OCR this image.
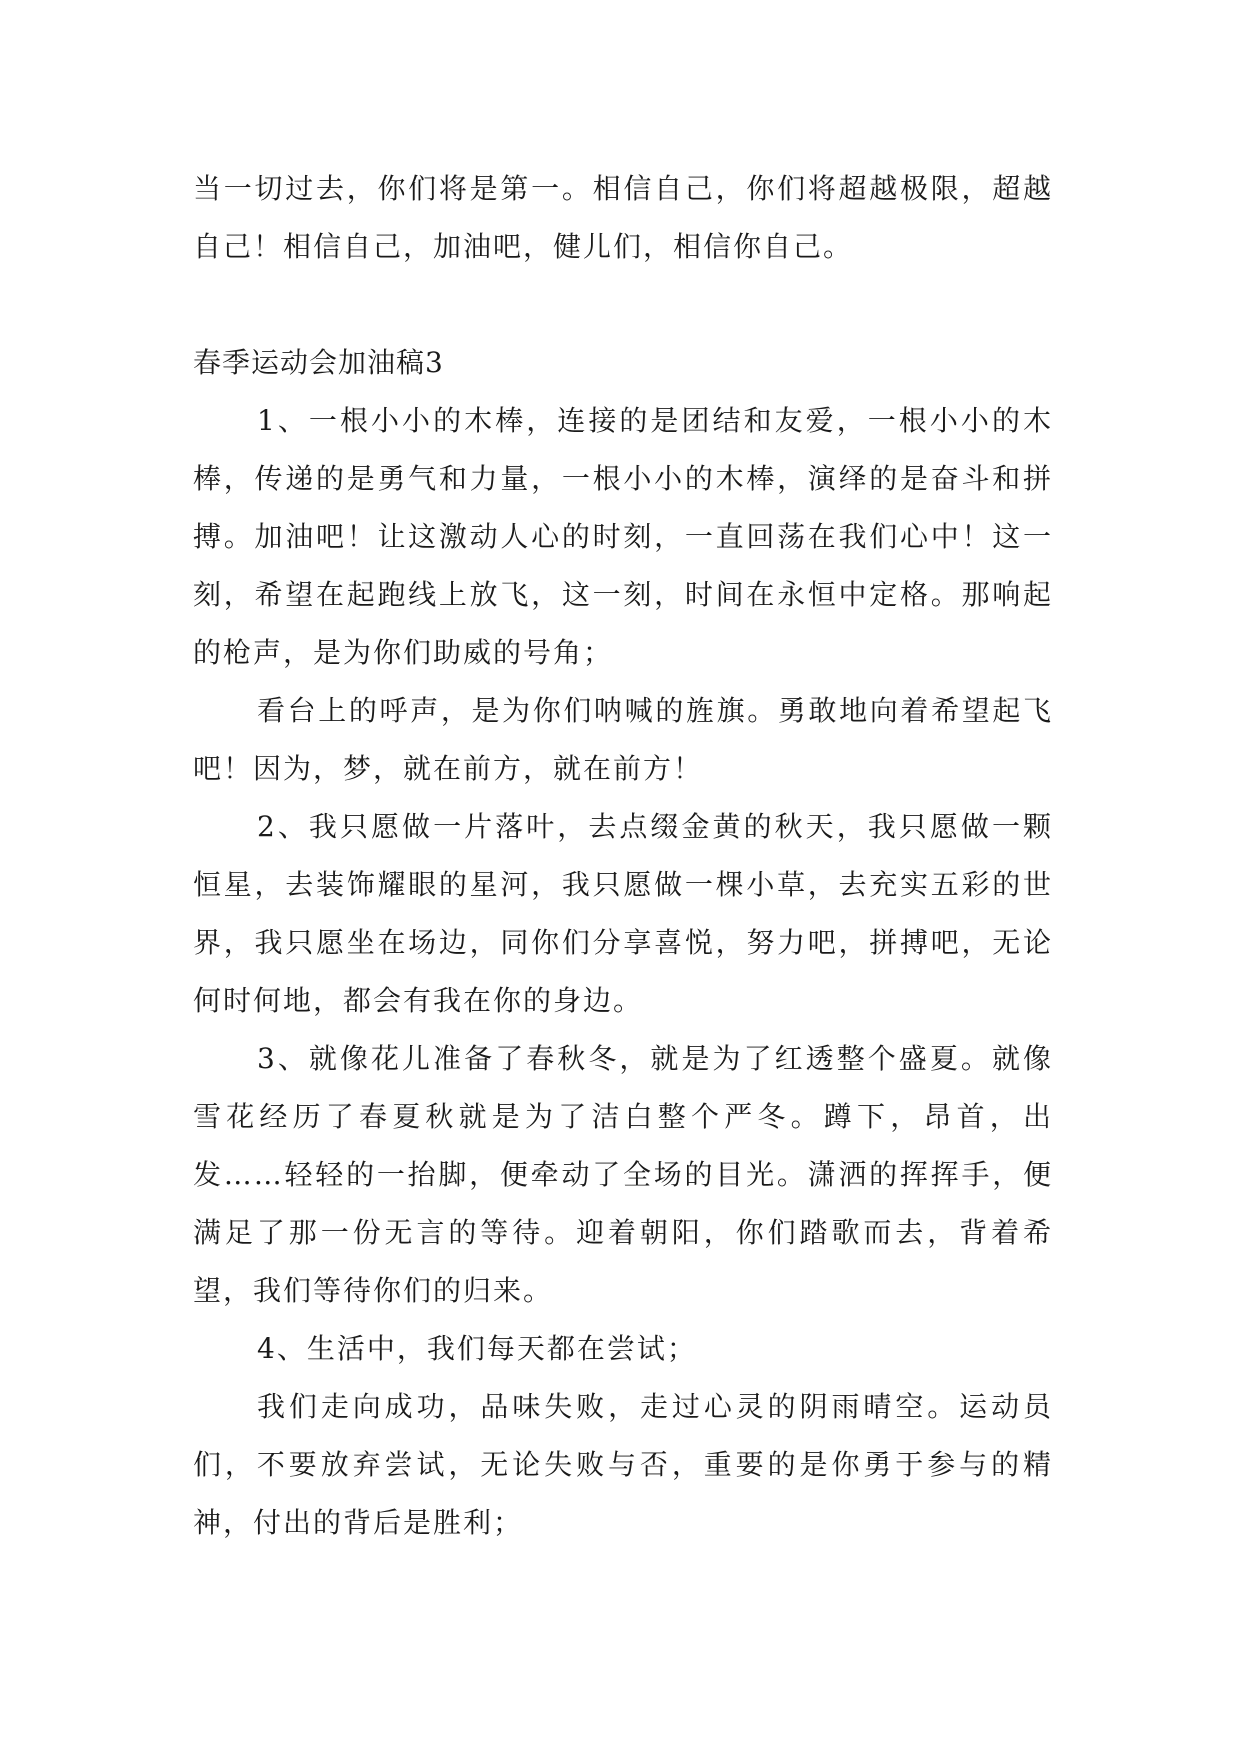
当一切过去，你们将是第一。相信自己，你们将超越极限，超越自己！相信自己，加油吧，健儿们，相信你自己。

春季运动会加油稿3

1、一根小小的木棒，连接的是团结和友爱，一根小小的木棒，传递的是勇气和力量，一根小小的木棒，演绎的是奋斗和拼搏。加油吧！让这激动人心的时刻，一直回荡在我们心中！这一刻，希望在起跑线上放飞，这一刻，时间在永恒中定格。那响起的枪声，是为你们助威的号角；

看台上的呼声，是为你们呐喊的旌旗。勇敢地向着希望起飞吧！因为，梦，就在前方，就在前方！

2、我只愿做一片落叶，去点缀金黄的秋天，我只愿做一颗恒星，去装饰耀眼的星河，我只愿做一棵小草，去充实五彩的世界，我只愿坐在场边，同你们分享喜悦，努力吧，拼搏吧，无论何时何地，都会有我在你的身边。

3、就像花儿准备了春秋冬，就是为了红透整个盛夏。就像雪花经历了春夏秋就是为了洁白整个严冬。蹲下，昂首，出发……轻轻的一抬脚，便牵动了全场的目光。潇洒的挥挥手，便满足了那一份无言的等待。迎着朝阳，你们踏歌而去，背着希望，我们等待你们的归来。

4、生活中，我们每天都在尝试；

我们走向成功，品味失败，走过心灵的阴雨晴空。运动员们，不要放弃尝试，无论失败与否，重要的是你勇于参与的精神，付出的背后是胜利；
